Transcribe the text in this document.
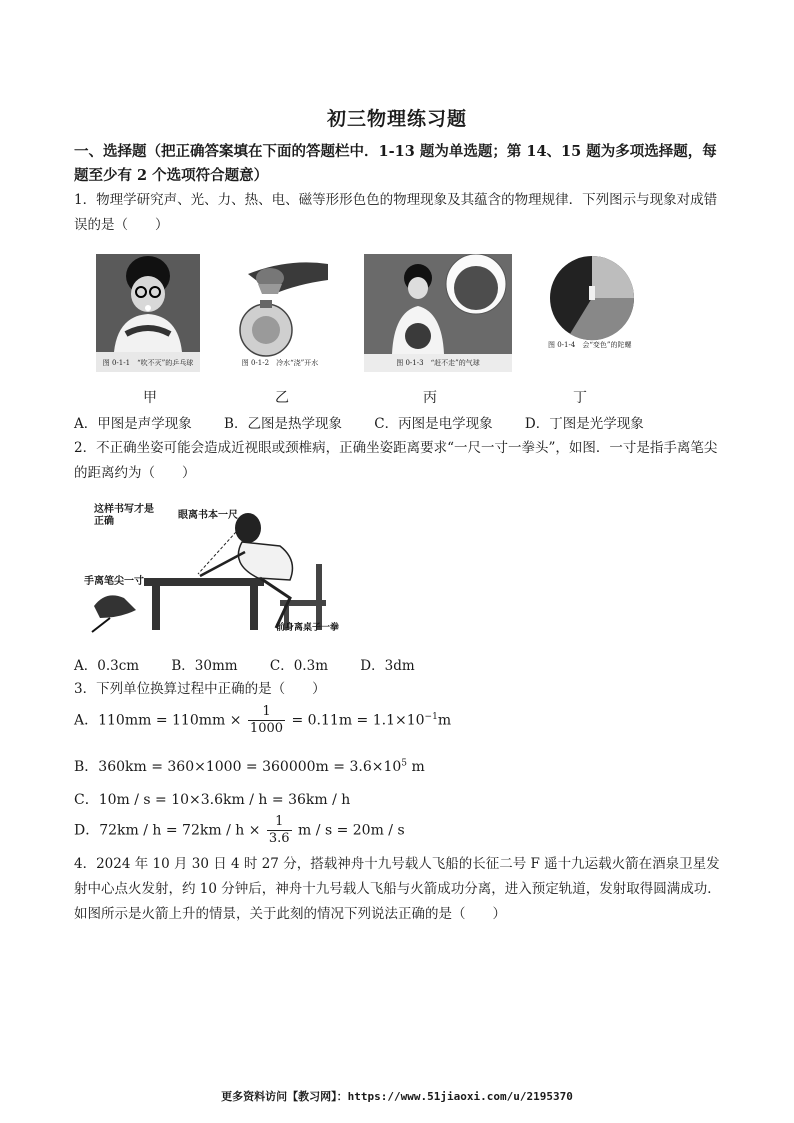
初三物理练习题
一、选择题（把正确答案填在下面的答题栏中．1-13 题为单选题；第 14、15 题为多项选择题，每题至少有 2 个选项符合题意）
1．物理学研究声、光、力、热、电、磁等形形色色的物理现象及其蕴含的物理规律．下列图示与现象对成错误的是（　　）
图 0-1-1　“吹不灭”的乒乓球	图 0-1-2　冷水“浇”开水	图 0-1-3　“赶不走”的气球
图 0-1-4　会“变色”的陀螺
甲	乙	丙	丁
A．甲图是声学现象 B．乙图是热学现象 C．丙图是电学现象 D．丁图是光学现象
2．不正确坐姿可能会造成近视眼或颈椎病，正确坐姿距离要求“一尺一寸一拳头”，如图．一寸是指手离笔尖的距离约为（　　）
这样书写才是正确
眼离书本一尺
手离笔尖一寸
前身离桌子一拳
A．0.3cm B．30mm C．0.3m D．3dm
3．下列单位换算过程中正确的是（　　）
A．$110mm = 110mm \times \frac{1}{1000} = 0.11m = 1.1\times 10^{-1}m$
B．$360km = 360\times 1000 = 360000m = 3.6\times 10^5$ m
C．10m / s = 10×3.6km / h = 36km / h
D．$72km / h = 72km / h \times \frac{1}{3.6}$ m / s = 20m / s
4．2024 年 10 月 30 日 4 时 27 分，搭载神舟十九号载人飞船的长征二号 F 遥十九运载火箭在酒泉卫星发射中心点火发射，约 10 分钟后，神舟十九号载人飞船与火箭成功分离，进入预定轨道，发射取得圆满成功．如图所示是火箭上升的情景，关于此刻的情况下列说法正确的是（　　）
更多资料访问【教习网】：https://www.51jiaoxi.com/u/2195370
